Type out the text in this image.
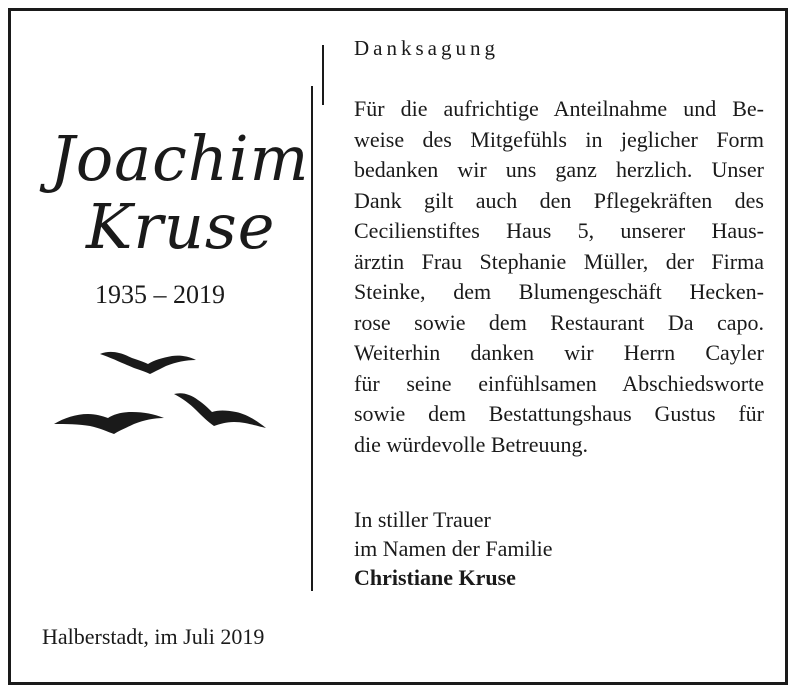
Joachim
Kruse
1935 – 2019
Danksagung
Für die aufrichtige Anteilnahme und Be-
weise des Mitgefühls in jeglicher Form
bedanken wir uns ganz herzlich. Unser
Dank gilt auch den Pflegekräften des
Cecilienstiftes Haus 5, unserer Haus-
ärztin Frau Stephanie Müller, der Firma
Steinke, dem Blumengeschäft Hecken-
rose sowie dem Restaurant Da capo.
Weiterhin danken wir Herrn Cayler
für seine einfühlsamen Abschiedsworte
sowie dem Bestattungshaus Gustus für
die würdevolle Betreuung.
In stiller Trauer
im Namen der Familie
Christiane Kruse
Halberstadt, im Juli 2019
